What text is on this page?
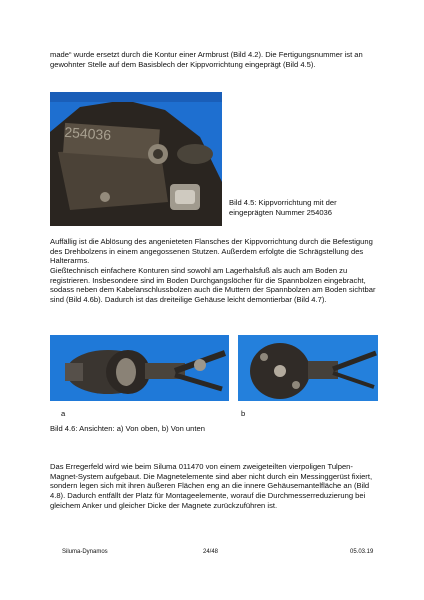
made“ wurde ersetzt durch die Kontur einer Armbrust (Bild 4.2). Die Fertigungsnummer ist an gewohnter Stelle auf dem Basisblech der Kippvorrichtung eingeprägt (Bild 4.5).

254036
Bild 4.5: Kippvorrichtung mit der eingeprägten Nummer 254036

Auffällig ist die Ablösung des angenieteten Flansches der Kippvorrichtung durch die Befestigung des Drehbolzens in einem angegossenen Stutzen. Außerdem erfolgte die Schrägstellung des Halterarms.

Gießtechnisch einfachere Konturen sind sowohl am Lagerhalsfuß als auch am Boden zu registrieren. Insbesondere sind im Boden Durchgangslöcher für die Spannbolzen eingebracht, sodass neben dem Kabelanschlussbolzen auch die Muttern der Spannbolzen am Boden sichtbar sind (Bild 4.6b). Dadurch ist das dreiteilige Gehäuse leicht demontierbar (Bild 4.7).

a	b
Bild 4.6: Ansichten: a) Von oben, b) Von unten

Das Erregerfeld wird wie beim Siluma 011470 von einem zweigeteilten vierpoligen Tulpen-Magnet-System aufgebaut. Die Magnetelemente sind aber nicht durch ein Messinggerüst fixiert, sondern legen sich mit ihren äußeren Flächen eng an die innere Gehäusemantelfläche an (Bild 4.8). Dadurch entfällt der Platz für Montageelemente, worauf die Durchmesserreduzierung bei gleichem Anker und gleicher Dicke der Magnete zurückzuführen ist.

Siluma-Dynamos	24/48	05.03.19
